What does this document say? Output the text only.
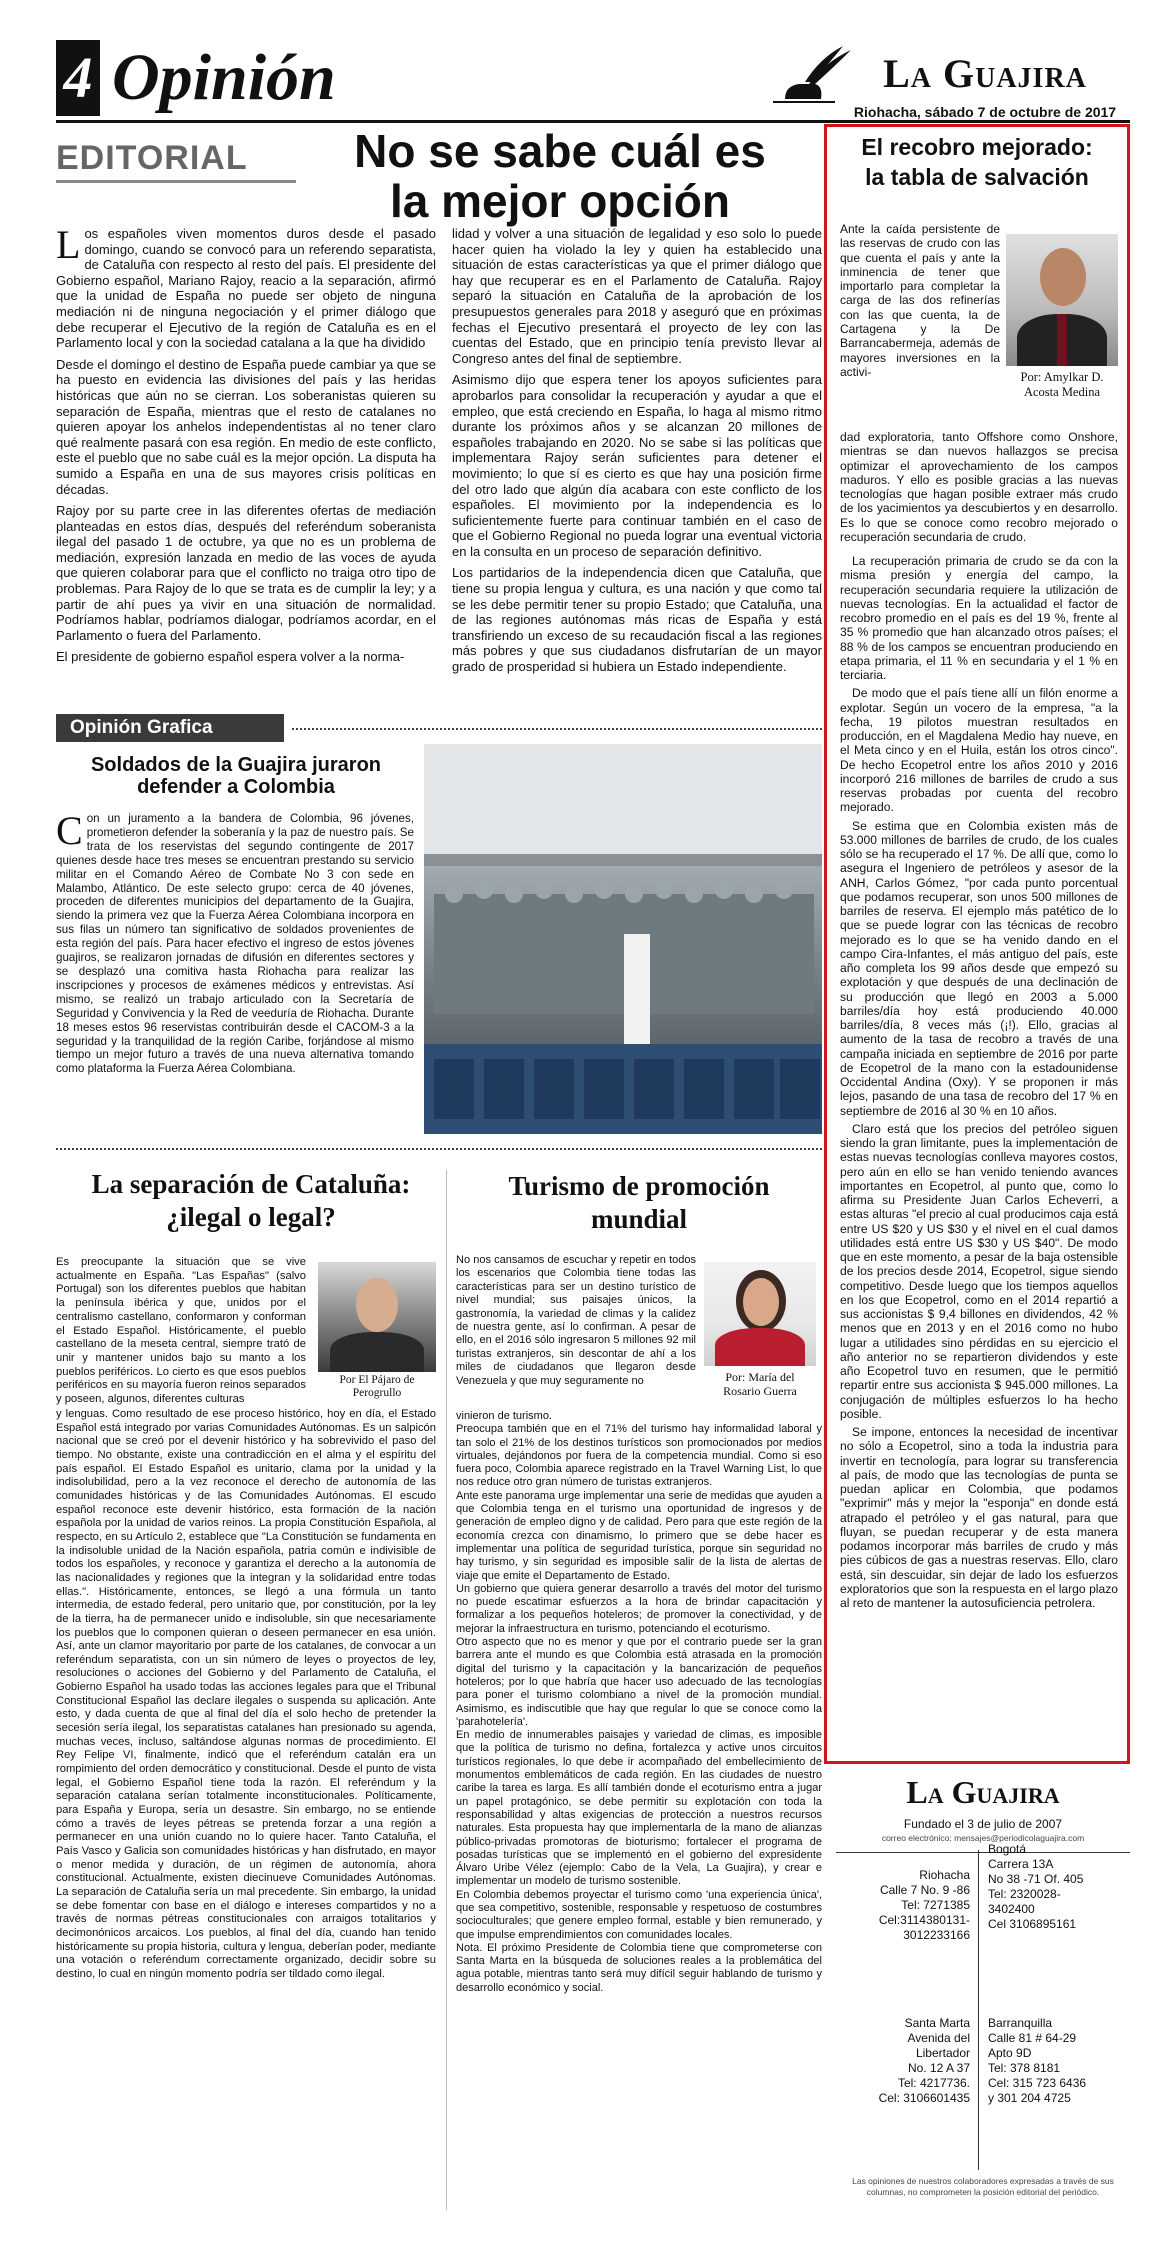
4 Opinión	La Guajira
Riohacha, sábado 7 de octubre de 2017
EDITORIAL	No se sabe cuál es
la mejor opción

Los españoles viven momentos duros desde el pasado domingo, cuando se convocó para un referendo separatista, de Cataluña con respecto al resto del país. El presidente del Gobierno español, Mariano Rajoy, reacio a la separación, afirmó que la unidad de España no puede ser objeto de ninguna mediación ni de ninguna negociación y el primer diálogo que debe recuperar el Ejecutivo de la región de Cataluña es en el Parlamento local y con la sociedad catalana a la que ha dividido

Desde el domingo el destino de España puede cambiar ya que se ha puesto en evidencia las divisiones del país y las heridas históricas que aún no se cierran. Los soberanistas quieren su separación de España, mientras que el resto de catalanes no quieren apoyar los anhelos independentistas al no tener claro qué realmente pasará con esa región. En medio de este conflicto, este el pueblo que no sabe cuál es la mejor opción. La disputa ha sumido a España en una de sus mayores crisis políticas en décadas.

Rajoy por su parte cree in las diferentes ofertas de mediación planteadas en estos días, después del referéndum soberanista ilegal del pasado 1 de octubre, ya que no es un problema de mediación, expresión lanzada en medio de las voces de ayuda que quieren colaborar para que el conflicto no traiga otro tipo de problemas. Para Rajoy de lo que se trata es de cumplir la ley; y a partir de ahí pues ya vivir en una situación de normalidad. Podríamos hablar, podríamos dialogar, podríamos acordar, en el Parlamento o fuera del Parlamento.

El presidente de gobierno español espera volver a la norma-

lidad y volver a una situación de legalidad y eso solo lo puede hacer quien ha violado la ley y quien ha establecido una situación de estas características ya que el primer diálogo que hay que recuperar es en el Parlamento de Cataluña. Rajoy separó la situación en Cataluña de la aprobación de los presupuestos generales para 2018 y aseguró que en próximas fechas el Ejecutivo presentará el proyecto de ley con las cuentas del Estado, que en principio tenía previsto llevar al Congreso antes del final de septiembre.

Asimismo dijo que espera tener los apoyos suficientes para aprobarlos para consolidar la recuperación y ayudar a que el empleo, que está creciendo en España, lo haga al mismo ritmo durante los próximos años y se alcanzan 20 millones de españoles trabajando en 2020. No se sabe si las políticas que implementara Rajoy serán suficientes para detener el movimiento; lo que sí es cierto es que hay una posición firme del otro lado que algún día acabara con este conflicto de los españoles. El movimiento por la independencia es lo suficientemente fuerte para continuar también en el caso de que el Gobierno Regional no pueda lograr una eventual victoria en la consulta en un proceso de separación definitivo.

Los partidarios de la independencia dicen que Cataluña, que tiene su propia lengua y cultura, es una nación y que como tal se les debe permitir tener su propio Estado; que Cataluña, una de las regiones autónomas más ricas de España y está transfiriendo un exceso de su recaudación fiscal a las regiones más pobres y que sus ciudadanos disfrutarían de un mayor grado de prosperidad si hubiera un Estado independiente.

Opinión Grafica
Soldados de la Guajira juraron defender a Colombia

Con un juramento a la bandera de Colombia, 96 jóvenes, prometieron defender la soberanía y la paz de nuestro país. Se trata de los reservistas del segundo contingente de 2017 quienes desde hace tres meses se encuentran prestando su servicio militar en el Comando Aéreo de Combate No 3 con sede en Malambo, Atlántico. De este selecto grupo: cerca de 40 jóvenes, proceden de diferentes municipios del departamento de la Guajira, siendo la primera vez que la Fuerza Aérea Colombiana incorpora en sus filas un número tan significativo de soldados provenientes de esta región del país. Para hacer efectivo el ingreso de estos jóvenes guajiros, se realizaron jornadas de difusión en diferentes sectores y se desplazó una comitiva hasta Riohacha para realizar las inscripciones y procesos de exámenes médicos y entrevistas. Así mismo, se realizó un trabajo articulado con la Secretaría de Seguridad y Convivencia y la Red de veeduría de Riohacha. Durante 18 meses estos 96 reservistas contribuirán desde el CACOM-3 a la seguridad y la tranquilidad de la región Caribe, forjándose al mismo tiempo un mejor futuro a través de una nueva alternativa tomando como plataforma la Fuerza Aérea Colombiana.

La separación de Cataluña:
¿ilegal o legal?
Es preocupante la situación que se vive actualmente en España. "Las Españas" (salvo Portugal) son los diferentes pueblos que habitan la península ibérica y que, unidos por el centralismo castellano, conformaron y conforman el Estado Español. Históricamente, el pueblo castellano de la meseta central, siempre trató de unir y mantener unidos bajo su manto a los pueblos periféricos. Lo cierto es que esos pueblos periféricos en su mayoría fueron reinos separados y poseen, algunos, diferentes culturas
Por El Pájaro de
Perogrullo
y lenguas. Como resultado de ese proceso histórico, hoy en día, el Estado Español está integrado por varias Comunidades Autónomas. Es un salpicón nacional que se creó por el devenir histórico y ha sobrevivido el paso del tiempo. No obstante, existe una contradicción en el alma y el espíritu del país español. El Estado Español es unitario, clama por la unidad y la indisolubilidad, pero a la vez reconoce el derecho de autonomía de las comunidades históricas y de las Comunidades Autónomas. El escudo español reconoce este devenir histórico, esta formación de la nación española por la unidad de varios reinos. La propia Constitución Española, al respecto, en su Artículo 2, establece que "La Constitución se fundamenta en la indisoluble unidad de la Nación española, patria común e indivisible de todos los españoles, y reconoce y garantiza el derecho a la autonomía de las nacionalidades y regiones que la integran y la solidaridad entre todas ellas.". Históricamente, entonces, se llegó a una fórmula un tanto intermedia, de estado federal, pero unitario que, por constitución, por la ley de la tierra, ha de permanecer unido e indisoluble, sin que necesariamente los pueblos que lo componen quieran o deseen permanecer en esa unión. Así, ante un clamor mayoritario por parte de los catalanes, de convocar a un referéndum separatista, con un sin número de leyes o proyectos de ley, resoluciones o acciones del Gobierno y del Parlamento de Cataluña, el Gobierno Español ha usado todas las acciones legales para que el Tribunal Constitucional Español las declare ilegales o suspenda su aplicación. Ante esto, y dada cuenta de que al final del día el solo hecho de pretender la secesión sería ilegal, los separatistas catalanes han presionado su agenda, muchas veces, incluso, saltándose algunas normas de procedimiento. El Rey Felipe VI, finalmente, indicó que el referéndum catalán era un rompimiento del orden democrático y constitucional. Desde el punto de vista legal, el Gobierno Español tiene toda la razón. El referéndum y la separación catalana serían totalmente inconstitucionales. Políticamente, para España y Europa, sería un desastre. Sin embargo, no se entiende cómo a través de leyes pétreas se pretenda forzar a una región a permanecer en una unión cuando no lo quiere hacer. Tanto Cataluña, el País Vasco y Galicia son comunidades históricas y han disfrutado, en mayor o menor medida y duración, de un régimen de autonomía, ahora constitucional. Actualmente, existen diecinueve Comunidades Autónomas. La separación de Cataluña sería un mal precedente. Sin embargo, la unidad se debe fomentar con base en el diálogo e intereses compartidos y no a través de normas pétreas constitucionales con arraigos totalitarios y decimonónicos arcaicos. Los pueblos, al final del día, cuando han tenido históricamente su propia historia, cultura y lengua, deberían poder, mediante una votación o referéndum correctamente organizado, decidir sobre su destino, lo cual en ningún momento podría ser tildado como ilegal.
Turismo de promoción
mundial
No nos cansamos de escuchar y repetir en todos los escenarios que Colombia tiene todas las características para ser un destino turístico de nivel mundial; sus paisajes únicos, la gastronomía, la variedad de climas y la calidez de nuestra gente, así lo confirman. A pesar de ello, en el 2016 sólo ingresaron 5 millones 92 mil turistas extranjeros, sin descontar de ahí a los miles de ciudadanos que llegaron desde Venezuela y que muy seguramente no	Por: María del
Rosario Guerra
vinieron de turismo.
Preocupa también que en el 71% del turismo hay informalidad laboral y tan solo el 21% de los destinos turísticos son promocionados por medios virtuales, dejándonos por fuera de la competencia mundial. Como si eso fuera poco, Colombia aparece registrado en la Travel Warning List, lo que nos reduce otro gran número de turistas extranjeros.
Ante este panorama urge implementar una serie de medidas que ayuden a que Colombia tenga en el turismo una oportunidad de ingresos y de generación de empleo digno y de calidad. Pero para que este región de la economía crezca con dinamismo, lo primero que se debe hacer es implementar una política de seguridad turística, porque sin seguridad no hay turismo, y sin seguridad es imposible salir de la lista de alertas de viaje que emite el Departamento de Estado.
Un gobierno que quiera generar desarrollo a través del motor del turismo no puede escatimar esfuerzos a la hora de brindar capacitación y formalizar a los pequeños hoteleros; de promover la conectividad, y de mejorar la infraestructura en turismo, potenciando el ecoturismo.
Otro aspecto que no es menor y que por el contrario puede ser la gran barrera ante el mundo es que Colombia está atrasada en la promoción digital del turismo y la capacitación y la bancarización de pequeños hoteleros; por lo que habría que hacer uso adecuado de las tecnologías para poner el turismo colombiano a nivel de la promoción mundial. Asimismo, es indiscutible que hay que regular lo que se conoce como la 'parahotelería'.
En medio de innumerables paisajes y variedad de climas, es imposible que la política de turismo no defina, fortalezca y active unos circuitos turísticos regionales, lo que debe ir acompañado del embellecimiento de monumentos emblemáticos de cada región. En las ciudades de nuestro caribe la tarea es larga. Es allí también donde el ecoturismo entra a jugar un papel protagónico, se debe permitir su explotación con toda la responsabilidad y altas exigencias de protección a nuestros recursos naturales. Esta propuesta hay que implementarla de la mano de alianzas público-privadas promotoras de bioturismo; fortalecer el programa de posadas turísticas que se implementó en el gobierno del expresidente Álvaro Uribe Vélez (ejemplo: Cabo de la Vela, La Guajira), y crear e implementar un modelo de turismo sostenible.
En Colombia debemos proyectar el turismo como 'una experiencia única', que sea competitivo, sostenible, responsable y respetuoso de costumbres socioculturales; que genere empleo formal, estable y bien remunerado, y que impulse emprendimientos con comunidades locales.
Nota. El próximo Presidente de Colombia tiene que comprometerse con Santa Marta en la búsqueda de soluciones reales a la problemática del agua potable, mientras tanto será muy difícil seguir hablando de turismo y desarrollo económico y social.
El recobro mejorado:
la tabla de salvación
Ante la caída persistente de las reservas de crudo con las que cuenta el país y ante la inminencia de tener que importarlo para completar la carga de las dos refinerías con las que cuenta, la de Cartagena y la De Barrancabermeja, además de mayores inversiones en la activi-	Por: Amylkar D.
Acosta Medina

dad exploratoria, tanto Offshore como Onshore, mientras se dan nuevos hallazgos se precisa optimizar el aprovechamiento de los campos maduros. Y ello es posible gracias a las nuevas tecnologías que hagan posible extraer más crudo de los yacimientos ya descubiertos y en desarrollo. Es lo que se conoce como recobro mejorado o recuperación secundaria de crudo.

La recuperación primaria de crudo se da con la misma presión y energía del campo, la recuperación secundaria requiere la utilización de nuevas tecnologías. En la actualidad el factor de recobro promedio en el país es del 19 %, frente al 35 % promedio que han alcanzado otros países; el 88 % de los campos se encuentran produciendo en etapa primaria, el 11 % en secundaria y el 1 % en terciaria.

De modo que el país tiene allí un filón enorme a explotar. Según un vocero de la empresa, "a la fecha, 19 pilotos muestran resultados en producción, en el Magdalena Medio hay nueve, en el Meta cinco y en el Huila, están los otros cinco". De hecho Ecopetrol entre los años 2010 y 2016 incorporó 216 millones de barriles de crudo a sus reservas probadas por cuenta del recobro mejorado.

Se estima que en Colombia existen más de 53.000 millones de barriles de crudo, de los cuales sólo se ha recuperado el 17 %. De allí que, como lo asegura el Ingeniero de petróleos y asesor de la ANH, Carlos Gómez, "por cada punto porcentual que podamos recuperar, son unos 500 millones de barriles de reserva. El ejemplo más patético de lo que se puede lograr con las técnicas de recobro mejorado es lo que se ha venido dando en el campo Cira-Infantes, el más antiguo del país, este año completa los 99 años desde que empezó su explotación y que después de una declinación de su producción que llegó en 2003 a 5.000 barriles/día hoy está produciendo 40.000 barriles/día, 8 veces más (¡!). Ello, gracias al aumento de la tasa de recobro a través de una campaña iniciada en septiembre de 2016 por parte de Ecopetrol de la mano con la estadounidense Occidental Andina (Oxy). Y se proponen ir más lejos, pasando de una tasa de recobro del 17 % en septiembre de 2016 al 30 % en 10 años.

Claro está que los precios del petróleo siguen siendo la gran limitante, pues la implementación de estas nuevas tecnologías conlleva mayores costos, pero aún en ello se han venido teniendo avances importantes en Ecopetrol, al punto que, como lo afirma su Presidente Juan Carlos Echeverri, a estas alturas "el precio al cual producimos caja está entre US $20 y US $30 y el nivel en el cual damos utilidades está entre US $30 y US $40". De modo que en este momento, a pesar de la baja ostensible de los precios desde 2014, Ecopetrol, sigue siendo competitivo. Desde luego que los tiempos aquellos en los que Ecopetrol, como en el 2014 repartió a sus accionistas $ 9,4 billones en dividendos, 42 % menos que en 2013 y en el 2016 como no hubo lugar a utilidades sino pérdidas en su ejercicio el año anterior no se repartieron dividendos y este año Ecopetrol tuvo en resumen, que le permitió repartir entre sus accionista $ 945.000 millones. La conjugación de múltiples esfuerzos lo ha hecho posible.

Se impone, entonces la necesidad de incentivar no sólo a Ecopetrol, sino a toda la industria para invertir en tecnología, para lograr su transferencia al país, de modo que las tecnologías de punta se puedan aplicar en Colombia, que podamos "exprimir" más y mejor la "esponja" en donde está atrapado el petróleo y el gas natural, para que fluyan, se puedan recuperar y de esta manera podamos incorporar más barriles de crudo y más pies cúbicos de gas a nuestras reservas. Ello, claro está, sin descuidar, sin dejar de lado los esfuerzos exploratorios que son la respuesta en el largo plazo al reto de mantener la autosuficiencia petrolera.

La Guajira
Fundado el 3 de julio de 2007
correo electrónico: mensajes@periodicolaguajira.com
Riohacha
Calle 7 No. 9 -86
Tel: 7271385
Cel:3114380131-
3012233166
Bogotá
Carrera 13A
No 38 -71 Of. 405
Tel: 2320028-
3402400
Cel 3106895161
Santa Marta
Avenida del
Libertador
No. 12 A 37
Tel: 4217736.
Cel: 3106601435
Barranquilla
Calle 81 # 64-29
Apto 9D
Tel: 378 8181
Cel: 315 723 6436
y 301 204 4725
Las opiniones de nuestros colaboradores expresadas a través de sus columnas, no comprometen la posición editorial del periódico.
